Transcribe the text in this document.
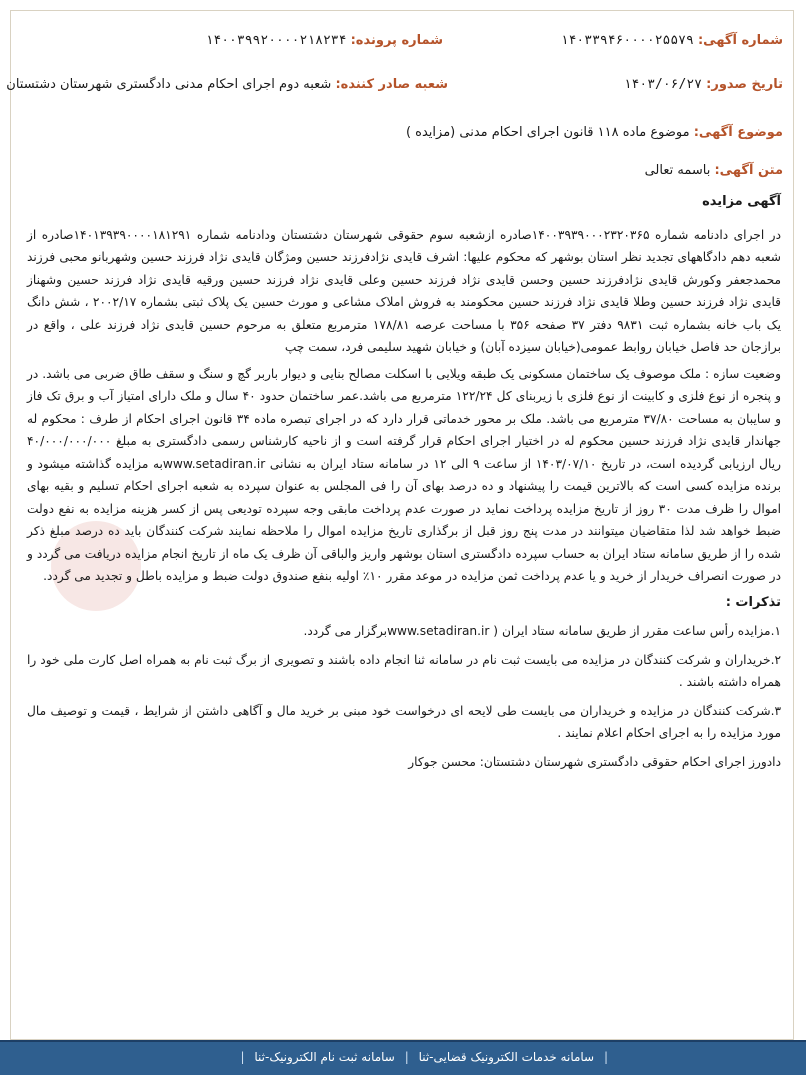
شماره آگهی: ۱۴۰۳۳۹۴۶۰۰۰۰۲۵۵۷۹
شماره پرونده: ۱۴۰۰۳۹۹۲۰۰۰۰۲۱۸۲۳۴
تاریخ صدور: ۱۴۰۳/۰۶/۲۷
شعبه صادر کننده: شعبه دوم اجرای احکام مدنی دادگستری شهرستان دشتستان
موضوع آگهی: موضوع ماده ۱۱۸ قانون اجرای احکام مدنی (مزایده )
متن آگهی: باسمه تعالی

آگهی مزایده

در اجرای دادنامه شماره ۱۴۰۰۳۹۳۹۰۰۰۲۳۲۰۳۶۵صادره ازشعبه سوم حقوقی شهرستان دشتستان ودادنامه شماره ۱۴۰۱۳۹۳۹۰۰۰۰۱۸۱۲۹۱صادره از شعبه دهم دادگاههای تجدید نظر استان بوشهر که محکوم علیها: اشرف قایدی نژادفرزند حسین ومژگان قایدی نژاد فرزند حسین وشهربانو محبی فرزند محمدجعفر وکورش قایدی نژادفرزند حسین وحسن قایدی نژاد فرزند حسین وعلی قایدی نژاد فرزند حسین ورقیه قایدی نژاد فرزند حسین وشهناز قایدی نژاد فرزند حسین وطلا قایدی نژاد فرزند حسین محکومند به فروش املاک مشاعی و مورث حسین یک پلاک ثبتی بشماره ۲۰۰۲/۱۷ ، شش دانگ یک باب خانه بشماره ثبت ۹۸۳۱ دفتر ۳۷ صفحه ۳۵۶ با مساحت عرصه ۱۷۸/۸۱ مترمربع متعلق به مرحوم حسین قایدی نژاد فرزند علی ، واقع در برازجان حد فاصل خیابان روابط عمومی(خیابان سیزده آبان) و خیابان شهید سلیمی فرد، سمت چپ

وضعیت سازه : ملک موصوف یک ساختمان مسکونی یک طبقه ویلایی با اسکلت مصالح بنایی و دیوار باربر گچ و سنگ و سقف طاق ضربی می باشد. در و پنجره از نوع فلزی و کابینت از نوع فلزی با زیربنای کل ۱۲۲/۲۴ مترمربع می باشد.عمر ساختمان حدود ۴۰ سال و ملک دارای امتیاز آب و برق تک فاز و سایبان به مساحت ۳۷/۸۰ مترمربع می باشد. ملک بر محور خدماتی قرار دارد که در اجرای تبصره ماده ۳۴ قانون اجرای احکام از طرف : محکوم له جهاندار قایدی نژاد فرزند حسین محکوم له در اختیار اجرای احکام قرار گرفته است و از ناحیه کارشناس رسمی دادگستری به مبلغ ۴۰/۰۰۰/۰۰۰/۰۰۰ ریال ارزیابی گردیده است، در تاریخ ۱۴۰۳/۰۷/۱۰ از ساعت ۹ الی ۱۲ در سامانه ستاد ایران به نشانی www.setadiran.irبه مزایده گذاشته میشود و برنده مزایده کسی است که بالاترین قیمت را پیشنهاد و ده درصد بهای آن را فی المجلس به عنوان سپرده به شعبه اجرای احکام تسلیم و بقیه بهای اموال را ظرف مدت ۳۰ روز از تاریخ مزایده پرداخت نماید در صورت عدم پرداخت مابقی وجه سپرده تودیعی پس از کسر هزینه مزایده به نفع دولت ضبط خواهد شد لذا متقاضیان میتوانند در مدت پنج روز قبل از برگذاری تاریخ مزایده اموال را ملاحظه نمایند شرکت کنندگان باید ده درصد مبلغ ذکر شده را از طریق سامانه ستاد ایران به حساب سپرده دادگستری استان بوشهر واریز والباقی آن ظرف یک ماه از تاریخ انجام مزایده دریافت می گردد و در صورت انصراف خریدار از خرید و یا عدم پرداخت ثمن مزایده در موعد مقرر ۱۰٪ اولیه بنفع صندوق دولت ضبط و مزایده باطل و تجدید می گردد.

تذکرات :

۱.مزایده رأس ساعت مقرر از طریق سامانه ستاد ایران ( www.setadiran.irبرگزار می گردد.

۲.خریداران و شرکت کنندگان در مزایده می بایست ثبت نام در سامانه ثنا انجام داده باشند و تصویری از برگ ثبت نام به همراه اصل کارت ملی خود را همراه داشته باشند .

۳.شرکت کنندگان در مزایده و خریداران می بایست طی لایحه ای درخواست خود مبنی بر خرید مال و آگاهی داشتن از شرایط ، قیمت و توصیف مال مورد مزایده را به اجرای احکام اعلام نمایند .

دادورز اجرای احکام حقوقی دادگستری شهرستان دشتستان: محسن جوکار

| سامانه خدمات الکترونیک قضایی-ثنا | سامانه ثبت نام الکترونیک-ثنا |
